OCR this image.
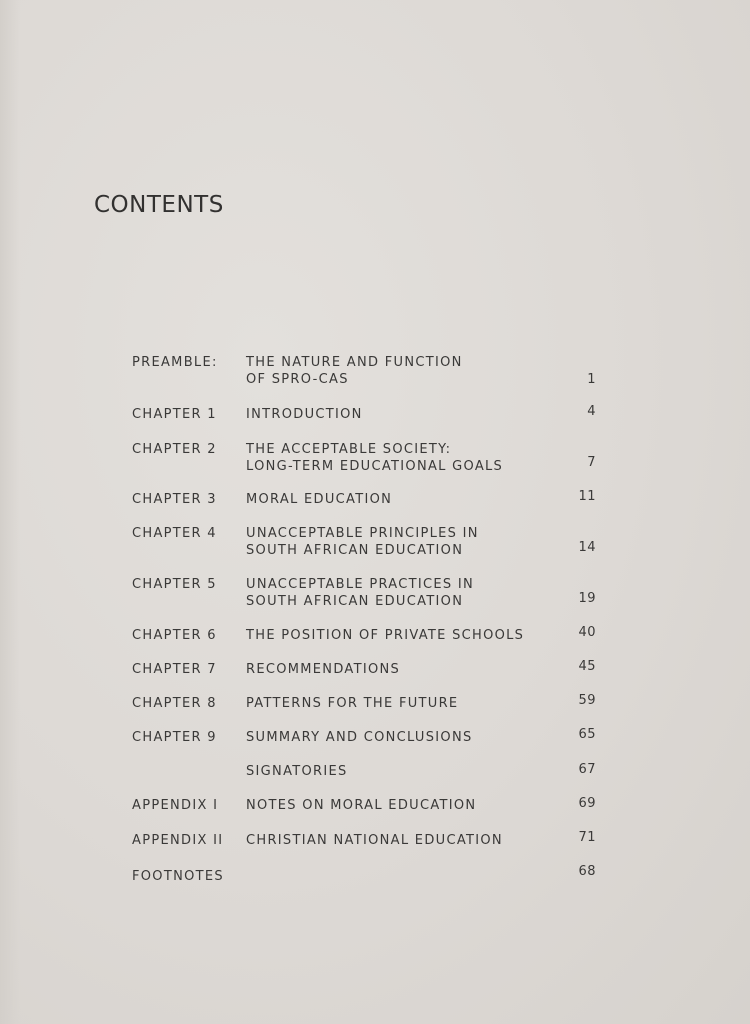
CONTENTS
PREAMBLE: THE NATURE AND FUNCTION
OF SPRO-CAS	1
CHAPTER 1 INTRODUCTION	4
CHAPTER 2 THE ACCEPTABLE SOCIETY:
LONG-TERM EDUCATIONAL GOALS	7
CHAPTER 3 MORAL EDUCATION	11
CHAPTER 4 UNACCEPTABLE PRINCIPLES IN
SOUTH AFRICAN EDUCATION	14
CHAPTER 5 UNACCEPTABLE PRACTICES IN
SOUTH AFRICAN EDUCATION	19
CHAPTER 6 THE POSITION OF PRIVATE SCHOOLS	40
CHAPTER 7 RECOMMENDATIONS	45
CHAPTER 8 PATTERNS FOR THE FUTURE	59
CHAPTER 9 SUMMARY AND CONCLUSIONS	65
SIGNATORIES	67
APPENDIX I NOTES ON MORAL EDUCATION	69
APPENDIX II CHRISTIAN NATIONAL EDUCATION	71
FOOTNOTES	68
